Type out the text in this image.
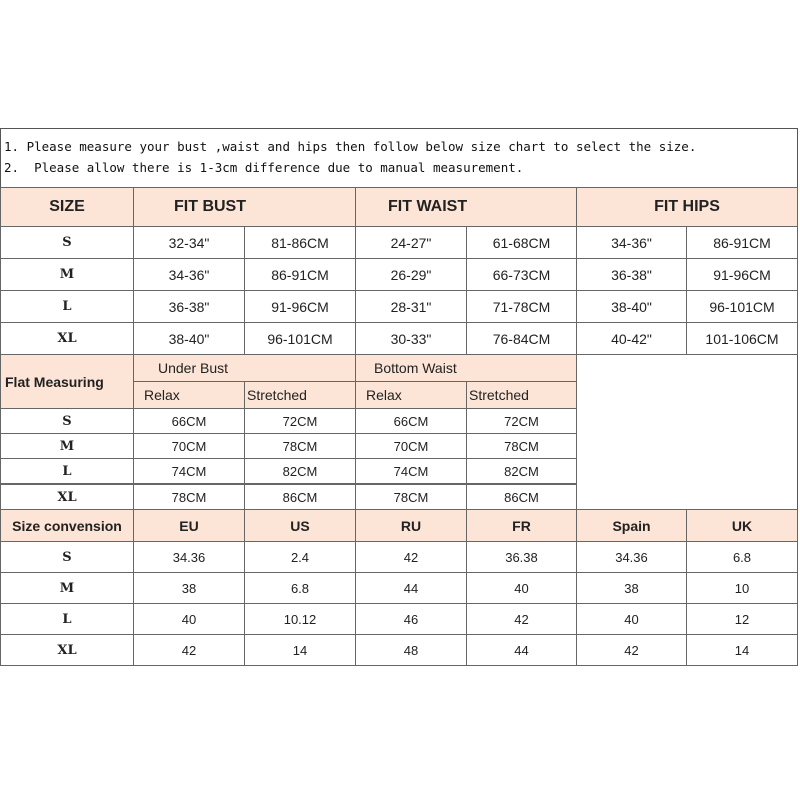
1. Please measure your bust ,waist and hips then follow below size chart to select the size.
2.  Please allow there is 1-3cm difference due to manual measurement.
SIZE	FIT BUST	FIT WAIST	FIT HIPS
S	32-34"	81-86CM	24-27"	61-68CM	34-36"	86-91CM
M	34-36"	86-91CM	26-29"	66-73CM	36-38"	91-96CM
L	36-38"	91-96CM	28-31"	71-78CM	38-40"	96-101CM
XL	38-40"	96-101CM	30-33"	76-84CM	40-42"	101-106CM
Flat Measuring
Under Bust	Bottom Waist
Relax	Stretched	Relax	Stretched
S	66CM	72CM	66CM	72CM
M	70CM	78CM	70CM	78CM
L	74CM	82CM	74CM	82CM
XL	78CM	86CM	78CM	86CM
Size convension	EU	US	RU	FR	Spain	UK
S	34.36	2.4	42	36.38	34.36	6.8
M	38	6.8	44	40	38	10
L	40	10.12	46	42	40	12
XL	42	14	48	44	42	14
